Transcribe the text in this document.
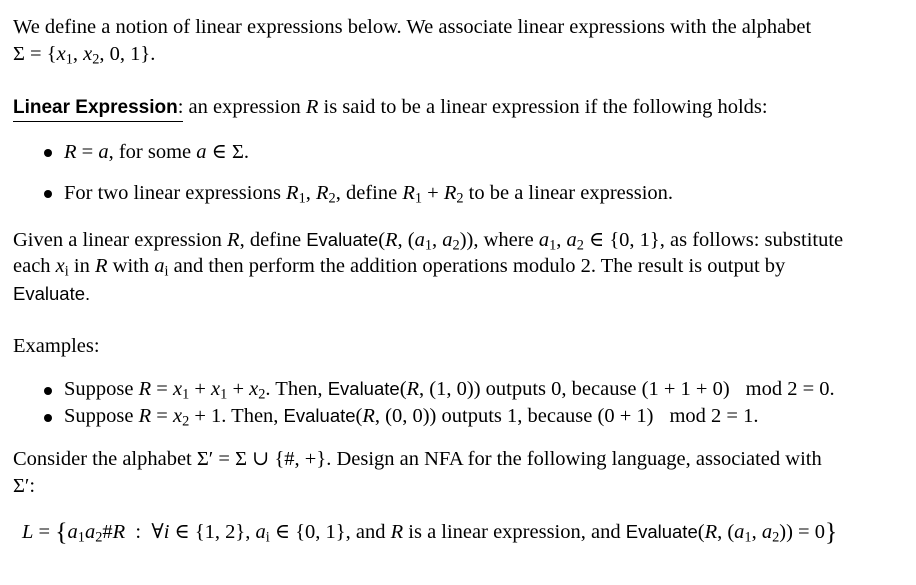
We define a notion of linear expressions below. We associate linear expressions with the alphabet
$\Sigma = \{x_1$, $x_2$, 0, 1}.
Linear Expression: an expression R is said to be a linear expression if the following holds:
R = a, for some a ∈ Σ.
For two linear expressions $R_1$, $R_2$, define $R_1 + R_2$ to be a linear expression.
Given a linear expression R, define Evaluate(R, ($a_1$, $a_2$)), where $a_1$, $a_2$ ∈ {0, 1}, as follows: substitute
each $x_i$ in R with $a_i$ and then perform the addition operations modulo 2. The result is output by
Evaluate.
Examples:
Suppose $R = x_1 + x_1 + x_2$. Then, Evaluate(R, (1, 0)) outputs 0, because (1 + 1 + 0) mod 2 = 0.
Suppose $R = x_2 + 1$. Then, Evaluate(R, (0, 0)) outputs 1, because (0 + 1) mod 2 = 1.
Consider the alphabet Σ′ = Σ ∪ {#, +}. Design an NFA for the following language, associated with
Σ′:
$L = \{a_1a_2\#R$  :  ∀i ∈ {1, 2}, $a_i$ ∈ {0, 1}, and R is a linear expression, and Evaluate(R, ($a_1$, $a_2)) = 0$}
